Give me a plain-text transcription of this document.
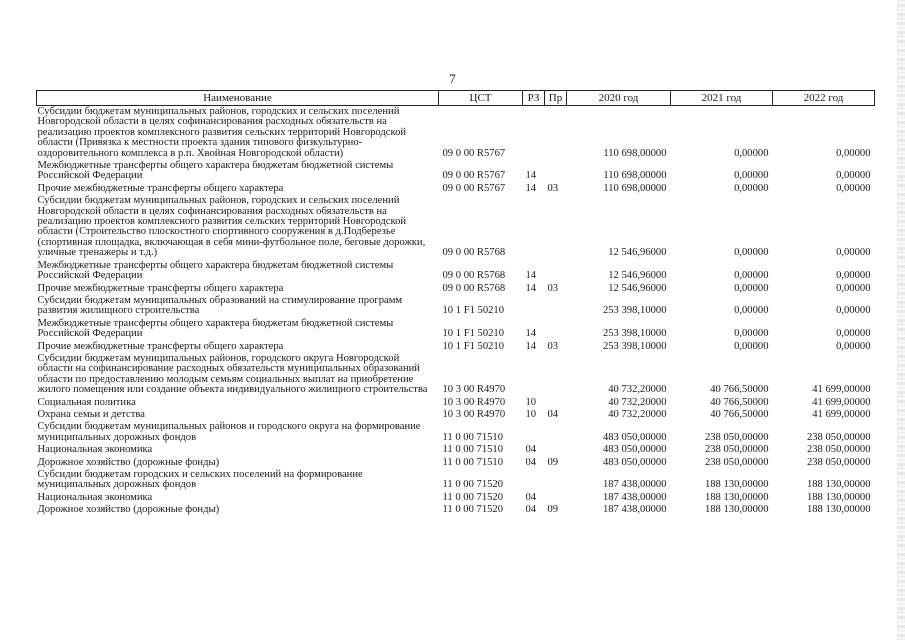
7
Наименование	ЦСТ	РЗ	Пр	2020 год	2021 год	2022 год
Субсидии бюджетам муниципальных районов, городских и сельских поселений Новгородской области в целях софинансирования расходных обязательств на реализацию проектов комплексного развития сельских территорий Новгородской области (Привязка к местности проекта здания типового физкультурно-оздоровительного комплекса в р.п. Хвойная Новгородской области)	09 0 00 R5767			110 698,00000	0,00000	0,00000
Межбюджетные трансферты общего характера бюджетам бюджетной системы Российской Федерации	09 0 00 R5767	14		110 698,00000	0,00000	0,00000
Прочие межбюджетные трансферты общего характера	09 0 00 R5767	14	03	110 698,00000	0,00000	0,00000
Субсидии бюджетам муниципальных районов, городских и сельских поселений Новгородской области в целях софинансирования расходных обязательств на реализацию проектов комплексного развития сельских территорий Новгородской области (Строительство плоскостного спортивного сооружения в д.Подберезье (спортивная площадка, включающая в себя мини-футбольное поле, беговые дорожки, уличные тренажеры и т.д.)	09 0 00 R5768			12 546,96000	0,00000	0,00000
Межбюджетные трансферты общего характера бюджетам бюджетной системы Российской Федерации	09 0 00 R5768	14		12 546,96000	0,00000	0,00000
Прочие межбюджетные трансферты общего характера	09 0 00 R5768	14	03	12 546,96000	0,00000	0,00000
Субсидии бюджетам муниципальных образований на стимулирование программ развития жилищного строительства	10 1 F1 50210			253 398,10000	0,00000	0,00000
Межбюджетные трансферты общего характера бюджетам бюджетной системы Российской Федерации	10 1 F1 50210	14		253 398,10000	0,00000	0,00000
Прочие межбюджетные трансферты общего характера	10 1 F1 50210	14	03	253 398,10000	0,00000	0,00000
Субсидии бюджетам муниципальных районов, городского округа Новгородской области на софинансирование расходных обязательств муниципальных образований области по предоставлению молодым семьям социальных выплат на приобретение жилого помещения или создание объекта индивидуального жилищного строительства	10 3 00 R4970			40 732,20000	40 766,50000	41 699,00000
Социальная политика	10 3 00 R4970	10		40 732,20000	40 766,50000	41 699,00000
Охрана семьи и детства	10 3 00 R4970	10	04	40 732,20000	40 766,50000	41 699,00000
Субсидии бюджетам муниципальных районов и городского округа на формирование муниципальных дорожных фондов	11 0 00 71510			483 050,00000	238 050,00000	238 050,00000
Национальная экономика	11 0 00 71510	04		483 050,00000	238 050,00000	238 050,00000
Дорожное хозяйство (дорожные фонды)	11 0 00 71510	04	09	483 050,00000	238 050,00000	238 050,00000
Субсидии бюджетам городских и сельских поселений на формирование муниципальных дорожных фондов	11 0 00 71520			187 438,00000	188 130,00000	188 130,00000
Национальная экономика	11 0 00 71520	04		187 438,00000	188 130,00000	188 130,00000
Дорожное хозяйство (дорожные фонды)	11 0 00 71520	04	09	187 438,00000	188 130,00000	188 130,00000
